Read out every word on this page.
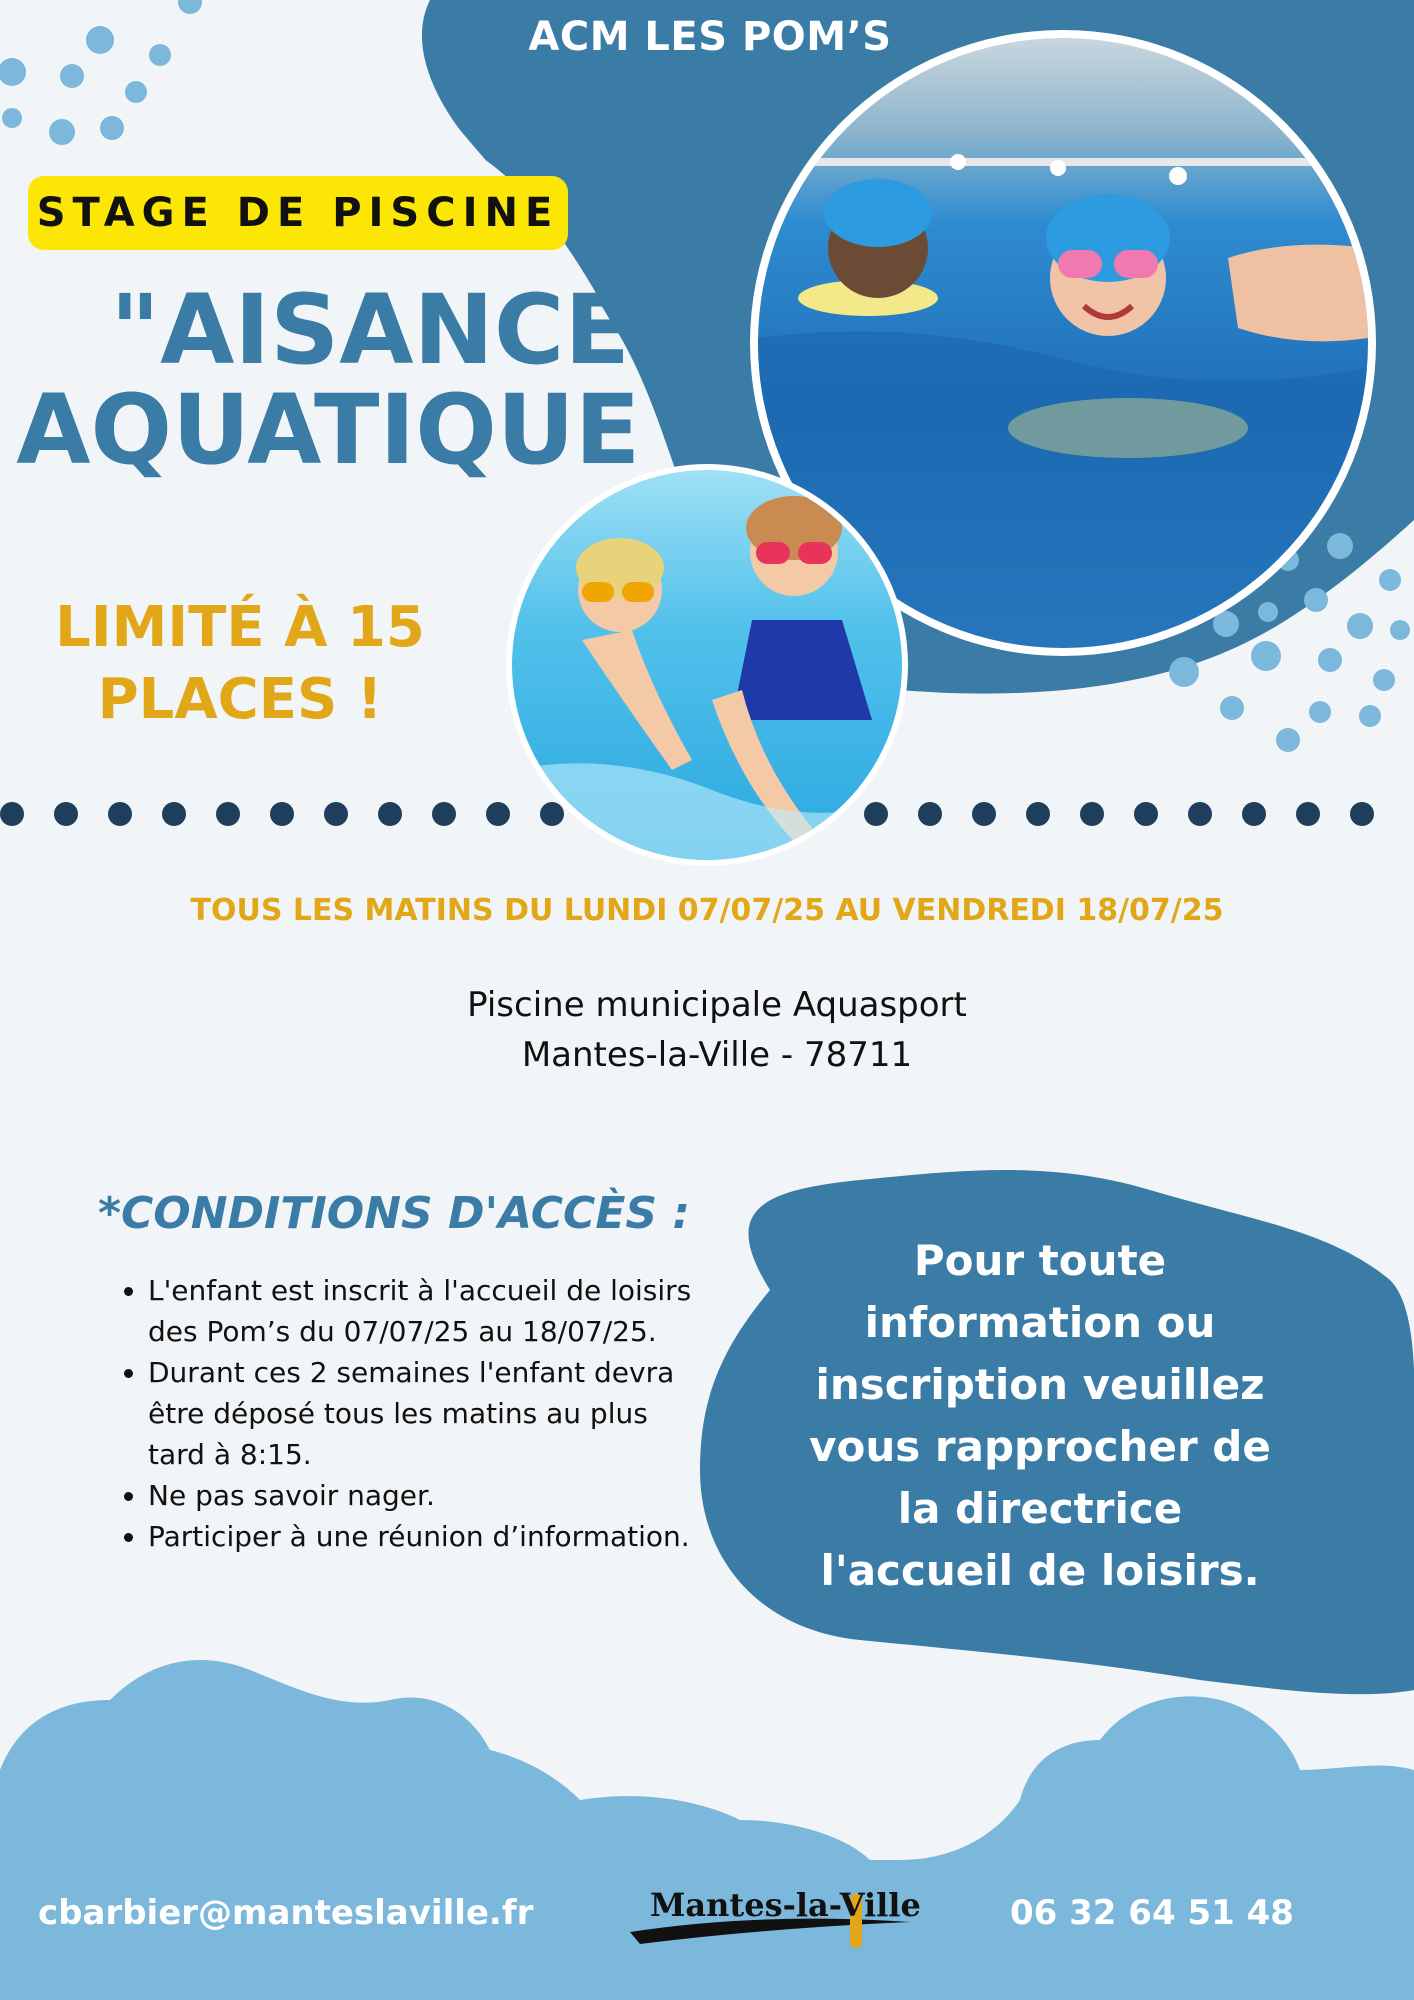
ACM LES POM’S
STAGE DE PISCINE
"AISANCE
AQUATIQUE "
LIMITÉ À 15
PLACES !
TOUS LES MATINS DU LUNDI 07/07/25 AU VENDREDI 18/07/25
Piscine municipale Aquasport
Mantes-la-Ville - 78711
*CONDITIONS D'ACCÈS :
• L'enfant est inscrit à l'accueil de loisirs des Pom’s du 07/07/25 au 18/07/25.
• Durant ces 2 semaines l'enfant devra être déposé tous les matins au plus tard à 8:15.
• Ne pas savoir nager.
• Participer à une réunion d’information.
Pour toute
information ou
inscription veuillez
vous rapprocher de
la directrice
l'accueil de loisirs.
cbarbier@manteslaville.fr	Mantes-la-Ville	06 32 64 51 48
